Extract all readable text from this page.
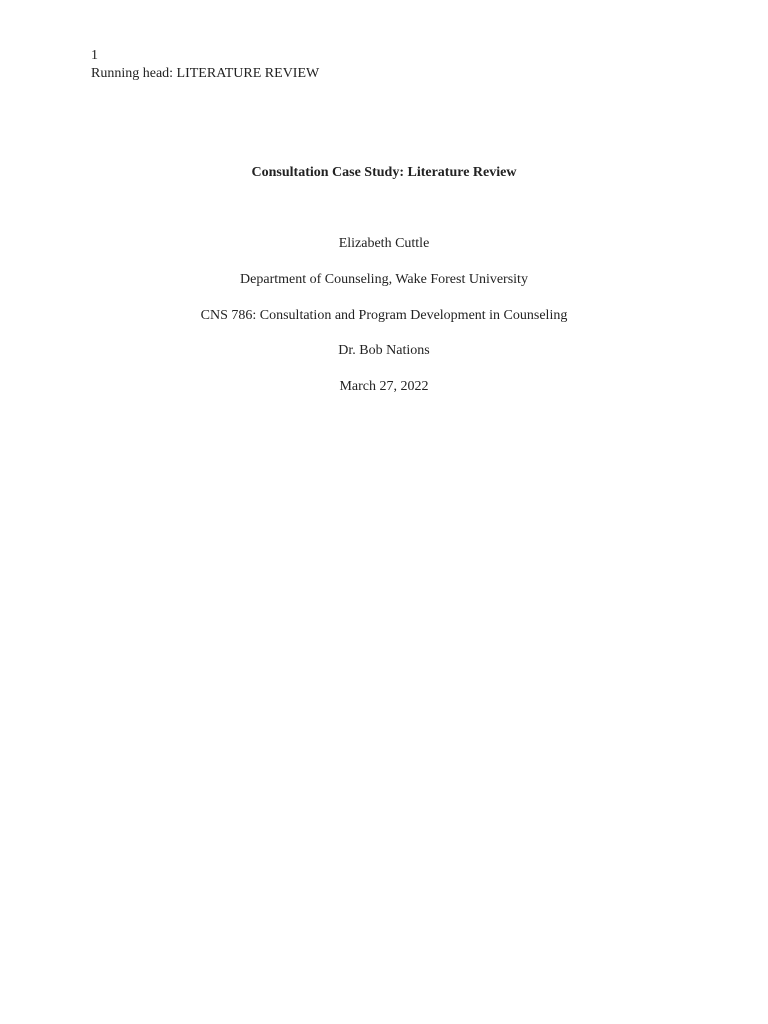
1
Running head: LITERATURE REVIEW
Consultation Case Study: Literature Review
Elizabeth Cuttle
Department of Counseling, Wake Forest University
CNS 786: Consultation and Program Development in Counseling
Dr. Bob Nations
March 27, 2022
